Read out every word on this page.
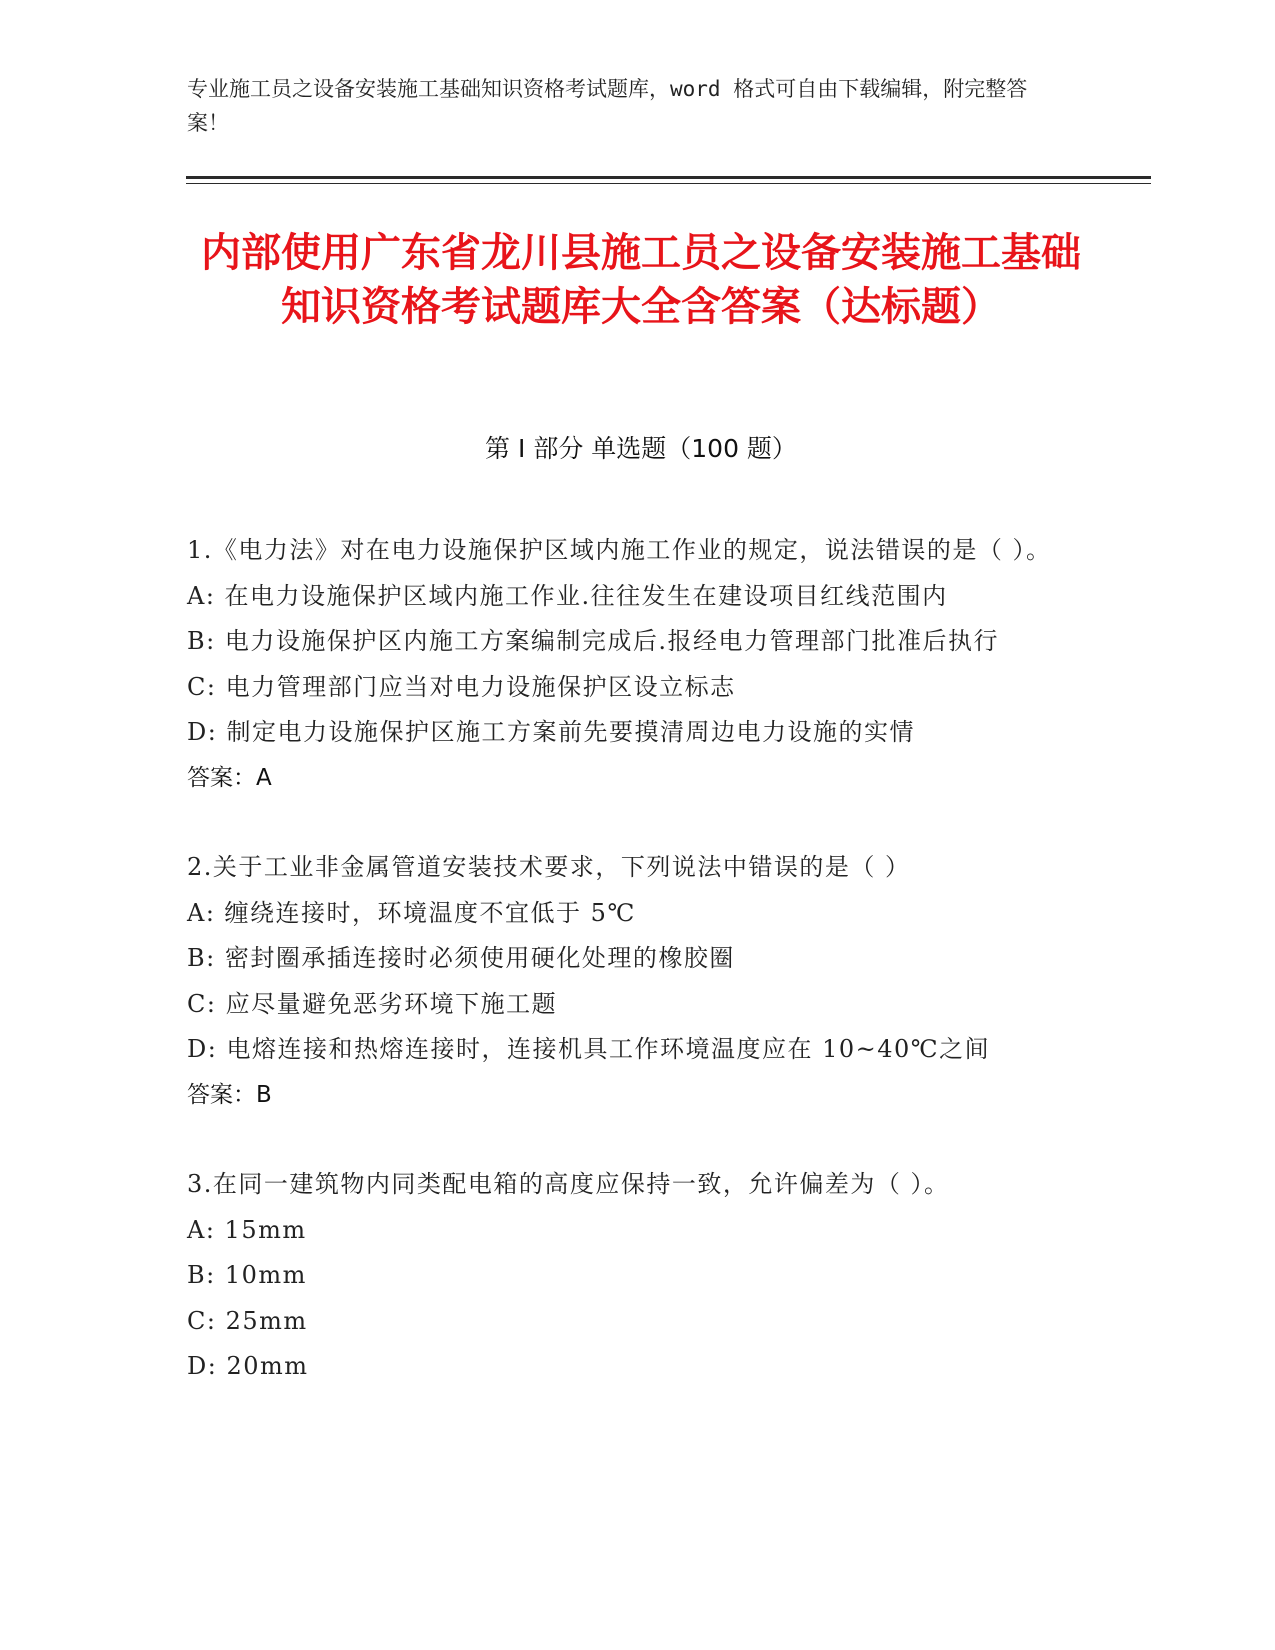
专业施工员之设备安装施工基础知识资格考试题库，word 格式可自由下载编辑，附完整答案！
内部使用广东省龙川县施工员之设备安装施工基础知识资格考试题库大全含答案（达标题）
第 I 部分 单选题（100 题）

1.《电力法》对在电力设施保护区域内施工作业的规定，说法错误的是（ ）。

A: 在电力设施保护区域内施工作业.往往发生在建设项目红线范围内

B: 电力设施保护区内施工方案编制完成后.报经电力管理部门批准后执行

C: 电力管理部门应当对电力设施保护区设立标志

D: 制定电力设施保护区施工方案前先要摸清周边电力设施的实情

答案：A

2.关于工业非金属管道安装技术要求，下列说法中错误的是（ ）

A: 缠绕连接时，环境温度不宜低于 5℃

B: 密封圈承插连接时必须使用硬化处理的橡胶圈

C: 应尽量避免恶劣环境下施工题

D: 电熔连接和热熔连接时，连接机具工作环境温度应在 10~40℃之间

答案：B

3.在同一建筑物内同类配电箱的高度应保持一致，允许偏差为（ ）。

A: 15mm

B: 10mm

C: 25mm

D: 20mm
